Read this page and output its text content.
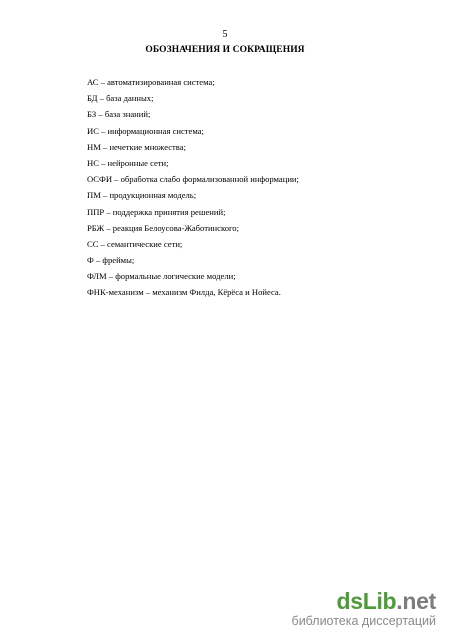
5
ОБОЗНАЧЕНИЯ И СОКРАЩЕНИЯ
АС – автоматизированная система;
БД – база данных;
БЗ – база знаний;
ИС – информационная система;
НМ – нечеткие множества;
НС – нейронные сети;
ОСФИ – обработка слабо формализованной информации;
ПМ – продукционная модель;
ППР – поддержка принятия решений;
РБЖ – реакция Белоусова-Жаботинского;
СС – семантические сети;
Ф – фреймы;
ФЛМ – формальные логические модели;
ФНК-механизм – механизм Филда, Кёрёса и Нойеса.
dsLib.net
библиотека диссертаций
